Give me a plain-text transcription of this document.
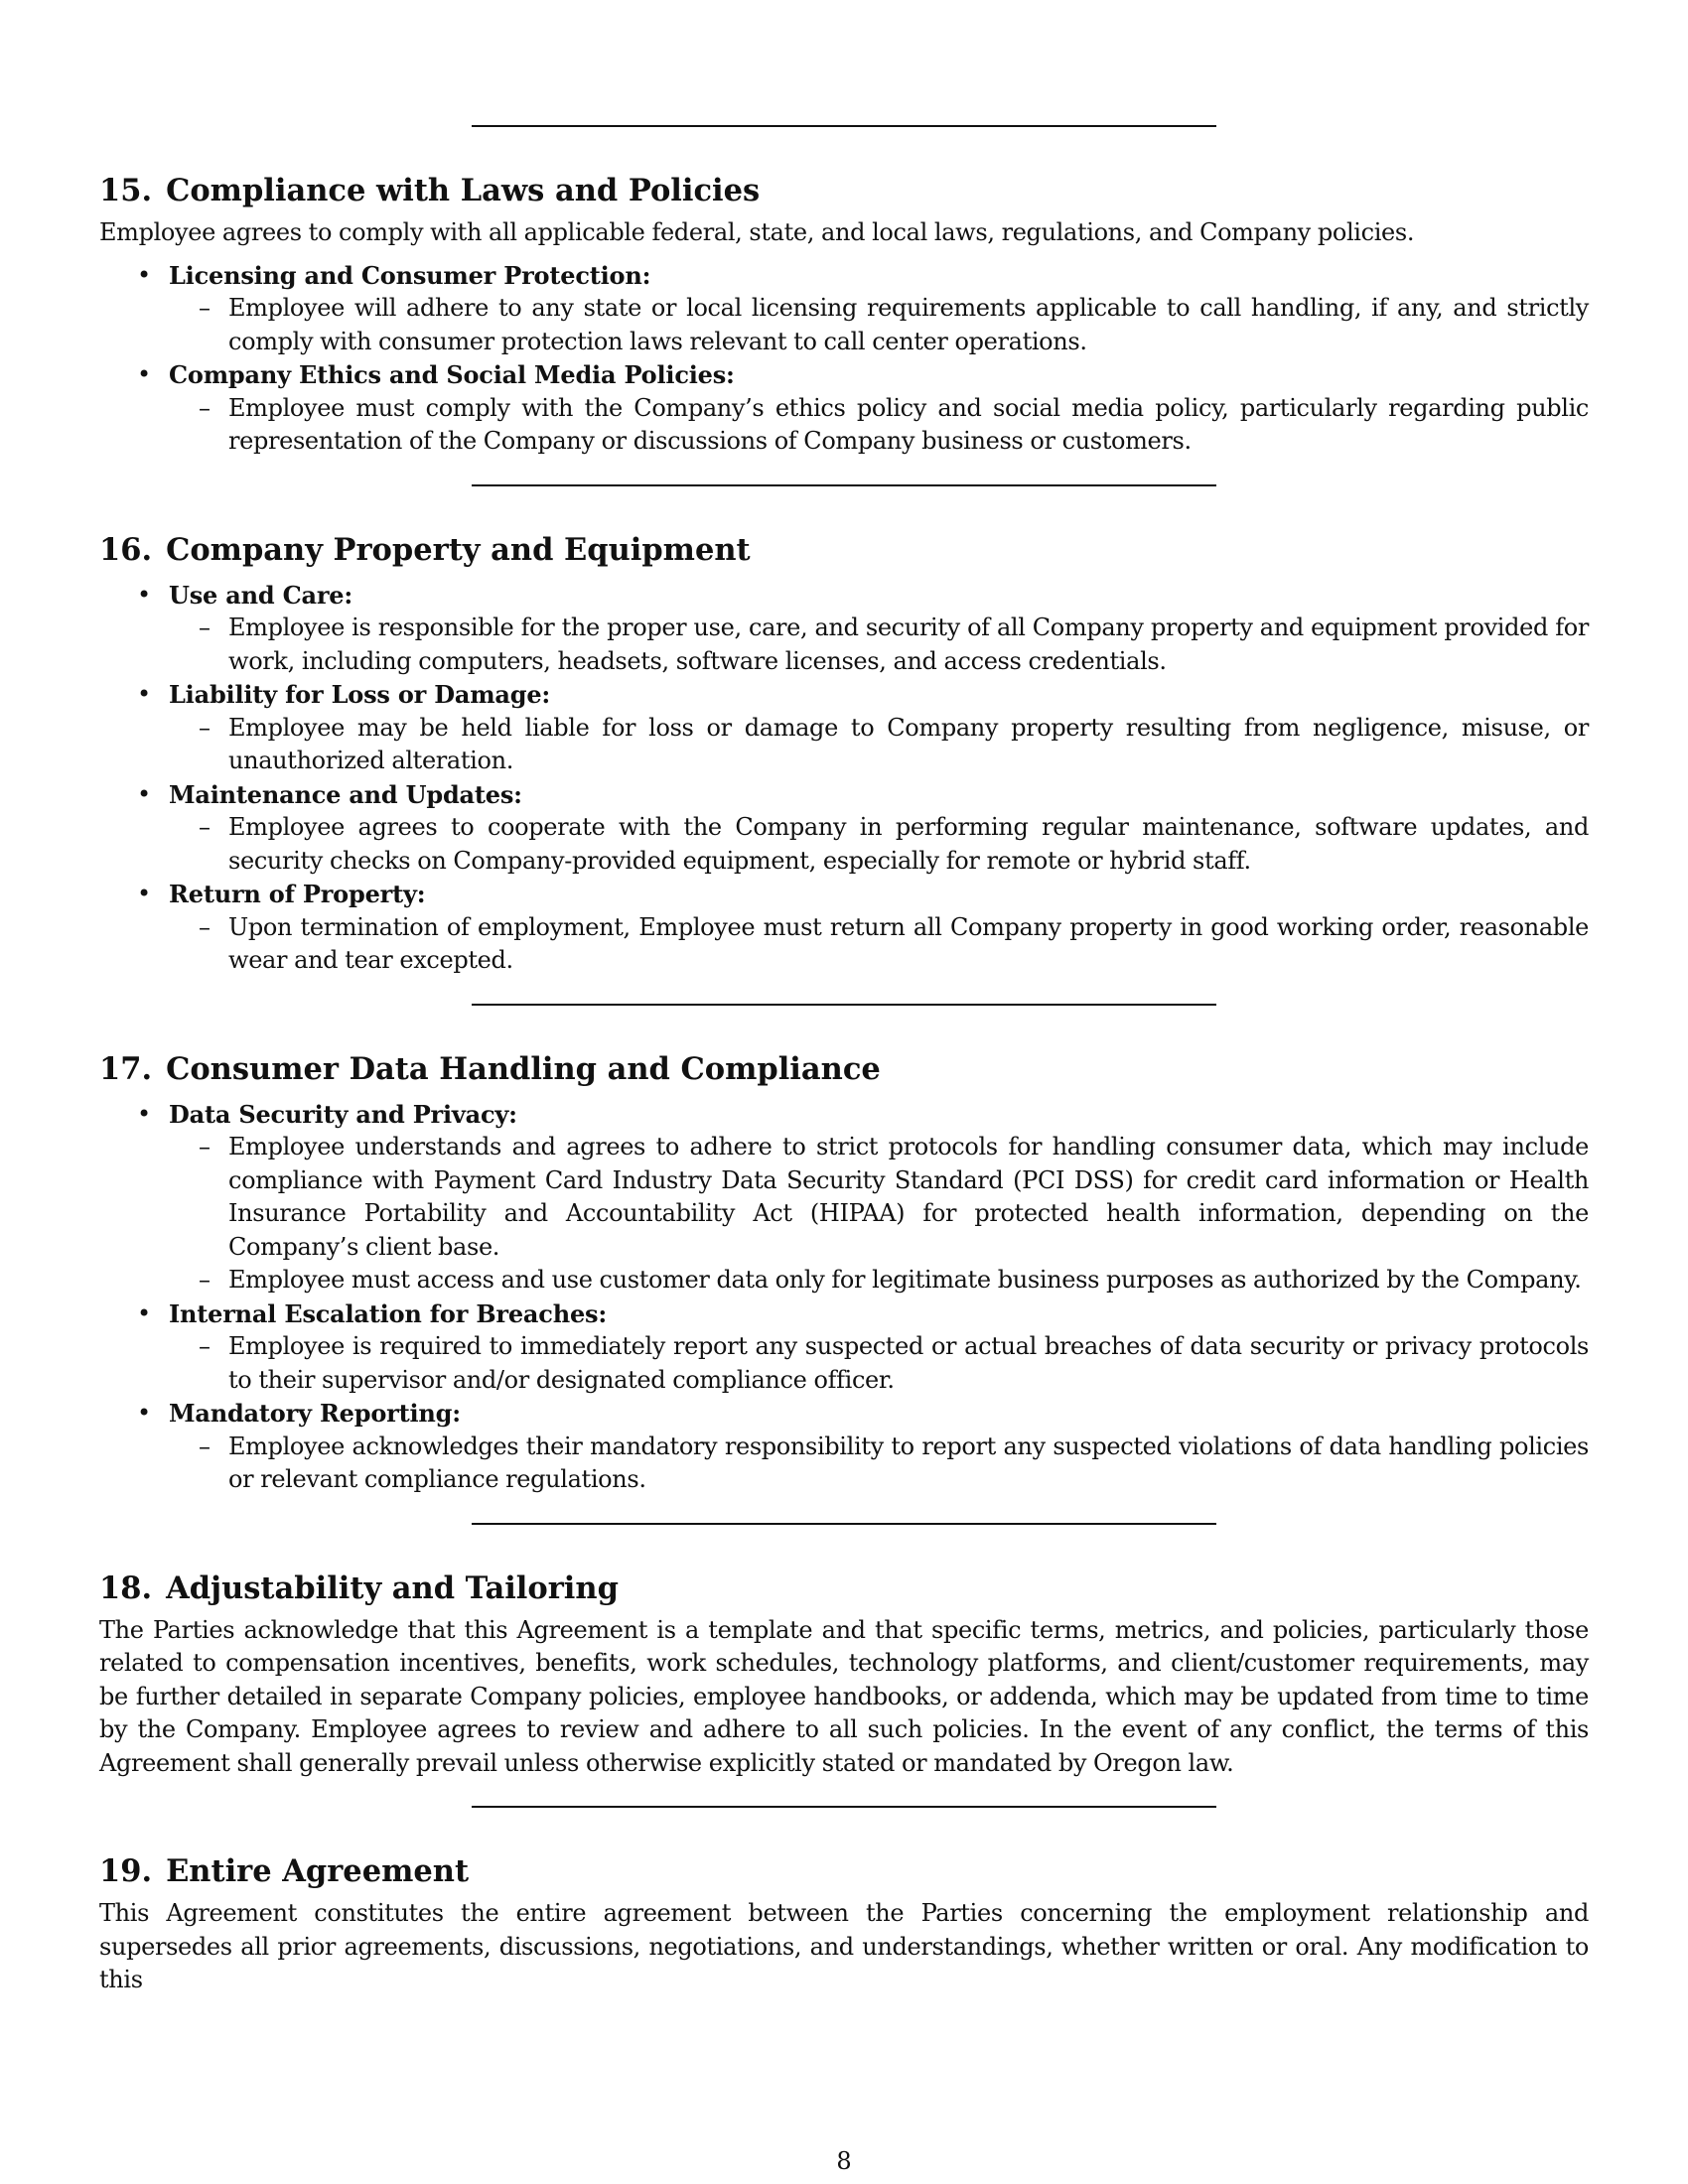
15. Compliance with Laws and Policies

Employee agrees to comply with all applicable federal, state, and local laws, regulations, and Company policies.

• Licensing and Consumer Protection:
– Employee will adhere to any state or local licensing requirements applicable to call handling, if any, and strictly comply with consumer protection laws relevant to call center operations.
• Company Ethics and Social Media Policies:
– Employee must comply with the Company’s ethics policy and social media policy, particularly regarding public representation of the Company or discussions of Company business or customers.
16. Company Property and Equipment
• Use and Care:
– Employee is responsible for the proper use, care, and security of all Company property and equipment provided for work, including computers, headsets, software licenses, and access credentials.
• Liability for Loss or Damage:
– Employee may be held liable for loss or damage to Company property resulting from negligence, misuse, or unauthorized alteration.
• Maintenance and Updates:
– Employee agrees to cooperate with the Company in performing regular maintenance, software updates, and security checks on Company-provided equipment, especially for remote or hybrid staff.
• Return of Property:
– Upon termination of employment, Employee must return all Company property in good working order, reasonable wear and tear excepted.
17. Consumer Data Handling and Compliance
• Data Security and Privacy:
– Employee understands and agrees to adhere to strict protocols for handling consumer data, which may include compliance with Payment Card Industry Data Security Standard (PCI DSS) for credit card information or Health Insurance Portability and Accountability Act (HIPAA) for protected health information, depending on the Company’s client base.
– Employee must access and use customer data only for legitimate business purposes as authorized by the Company.
• Internal Escalation for Breaches:
– Employee is required to immediately report any suspected or actual breaches of data security or privacy protocols to their supervisor and/or designated compliance officer.
• Mandatory Reporting:
– Employee acknowledges their mandatory responsibility to report any suspected violations of data handling policies or relevant compliance regulations.
18. Adjustability and Tailoring

The Parties acknowledge that this Agreement is a template and that specific terms, metrics, and policies, particularly those related to compensation incentives, benefits, work schedules, technology platforms, and client/customer requirements, may be further detailed in separate Company policies, employee handbooks, or addenda, which may be updated from time to time by the Company. Employee agrees to review and adhere to all such policies. In the event of any conflict, the terms of this Agreement shall generally prevail unless otherwise explicitly stated or mandated by Oregon law.

19. Entire Agreement

This Agreement constitutes the entire agreement between the Parties concerning the employment relationship and supersedes all prior agreements, discussions, negotiations, and understandings, whether written or oral. Any modification to this

8
